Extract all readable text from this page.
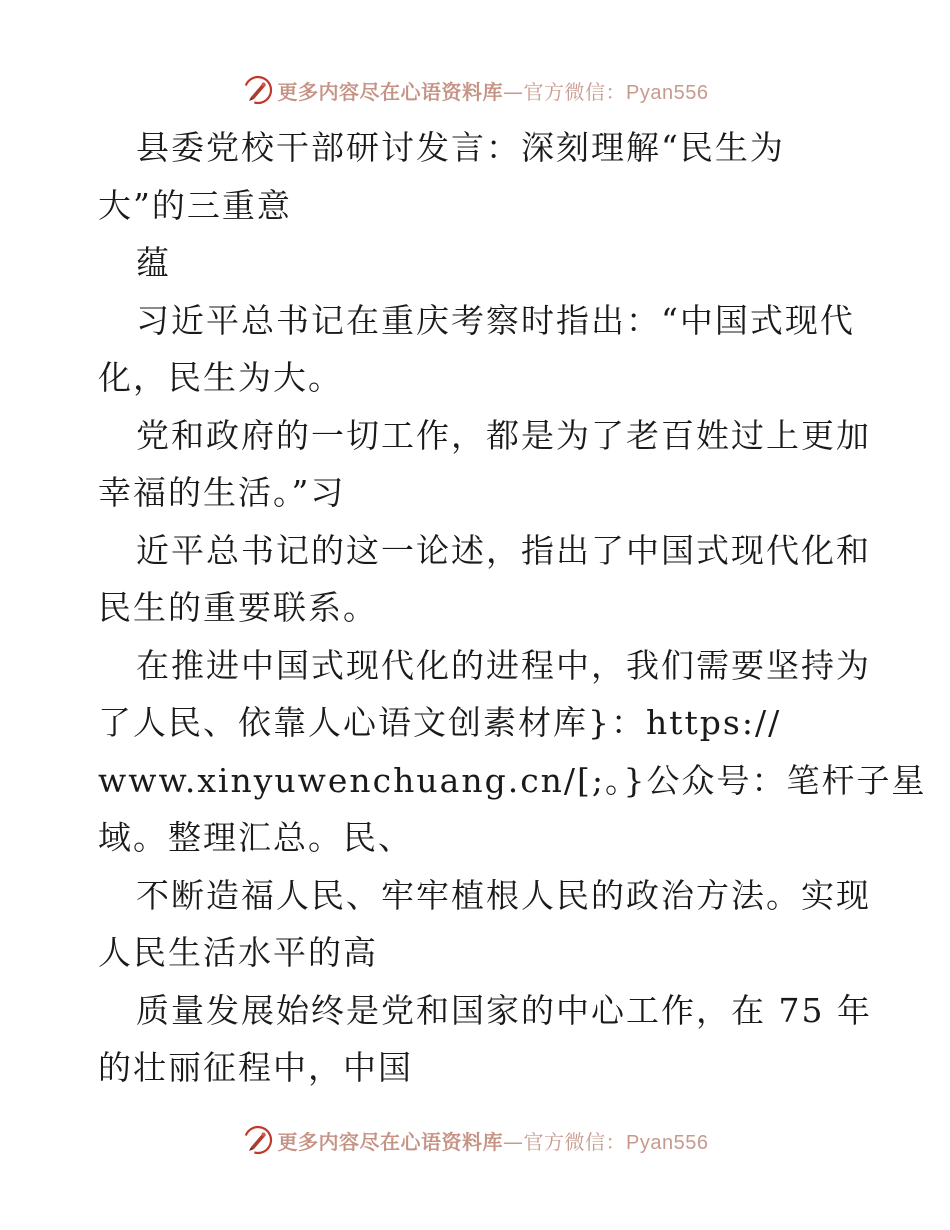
更多内容尽在心语资料库—官方微信：Pyan556
县委党校干部研讨发言：深刻理解“民生为
大”的三重意
蕴
习近平总书记在重庆考察时指出：“中国式现代
化，民生为大。
党和政府的一切工作，都是为了老百姓过上更加
幸福的生活。”习
近平总书记的这一论述，指出了中国式现代化和
民生的重要联系。
在推进中国式现代化的进程中，我们需要坚持为
了人民、依靠人心语文创素材库}：https://
www.xinyuwenchuang.cn/[;。}公众号：笔杆子星
域。整理汇总。民、
不断造福人民、牢牢植根人民的政治方法。实现
人民生活水平的高
质量发展始终是党和国家的中心工作，在 75 年
的壮丽征程中，中国
更多内容尽在心语资料库—官方微信：Pyan556
